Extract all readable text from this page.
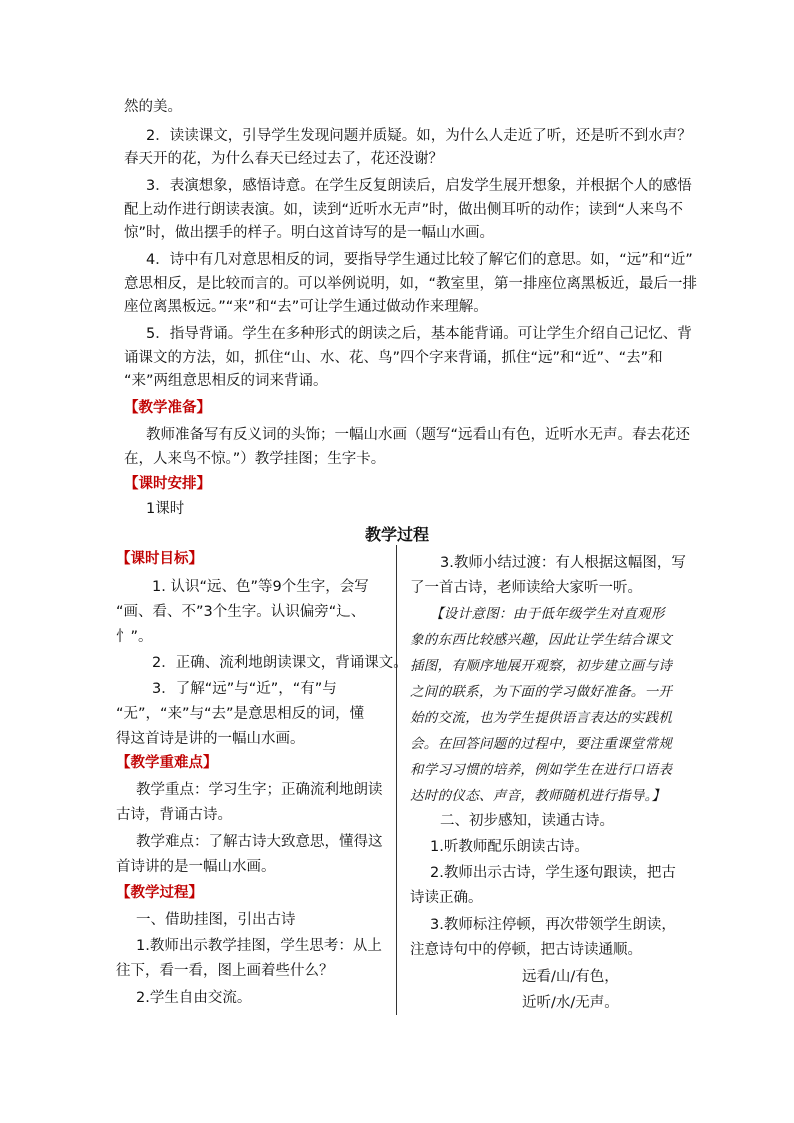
然的美。
2．读读课文，引导学生发现问题并质疑。如，为什么人走近了听，还是听不到水声？
春天开的花，为什么春天已经过去了，花还没谢？
3．表演想象，感悟诗意。在学生反复朗读后，启发学生展开想象，并根据个人的感悟
配上动作进行朗读表演。如，读到“近听水无声”时，做出侧耳听的动作；读到“人来鸟不
惊”时，做出摆手的样子。明白这首诗写的是一幅山水画。
4．诗中有几对意思相反的词，要指导学生通过比较了解它们的意思。如，“远”和“近”
意思相反，是比较而言的。可以举例说明，如，“教室里，第一排座位离黑板近，最后一排
座位离黑板远。”“来”和“去”可让学生通过做动作来理解。
5．指导背诵。学生在多种形式的朗读之后，基本能背诵。可让学生介绍自己记忆、背
诵课文的方法，如，抓住“山、水、花、鸟”四个字来背诵，抓住“远”和“近”、“去”和
“来”两组意思相反的词来背诵。
【教学准备】
教师准备写有反义词的头饰；一幅山水画（题写“远看山有色，近听水无声。春去花还
在，人来鸟不惊。”）教学挂图；生字卡。
【课时安排】
1课时
教学过程
【课时目标】
1. 认识“远、色”等9个生字，会写
“画、看、不”3个生字。认识偏旁“辶、
忄”。
2．正确、流利地朗读课文，背诵课文。
3．了解“远”与“近”，“有”与
“无”，“来”与“去”是意思相反的词，懂
得这首诗是讲的一幅山水画。
【教学重难点】
教学重点：学习生字；正确流利地朗读
古诗，背诵古诗。
教学难点：了解古诗大致意思，懂得这
首诗讲的是一幅山水画。
【教学过程】
一、借助挂图，引出古诗
1.教师出示教学挂图，学生思考：从上
往下，看一看，图上画着些什么？
2.学生自由交流。
3.教师小结过渡：有人根据这幅图，写
了一首古诗，老师读给大家听一听。
【设计意图：由于低年级学生对直观形
象的东西比较感兴趣，因此让学生结合课文
插图，有顺序地展开观察，初步建立画与诗
之间的联系，为下面的学习做好准备。一开
始的交流，也为学生提供语言表达的实践机
会。在回答问题的过程中，要注重课堂常规
和学习习惯的培养，例如学生在进行口语表
达时的仪态、声音，教师随机进行指导。】
二、初步感知，读通古诗。
1.听教师配乐朗读古诗。
2.教师出示古诗，学生逐句跟读，把古
诗读正确。
3.教师标注停顿，再次带领学生朗读，
注意诗句中的停顿，把古诗读通顺。
远看/山/有色，
近听/水/无声。
